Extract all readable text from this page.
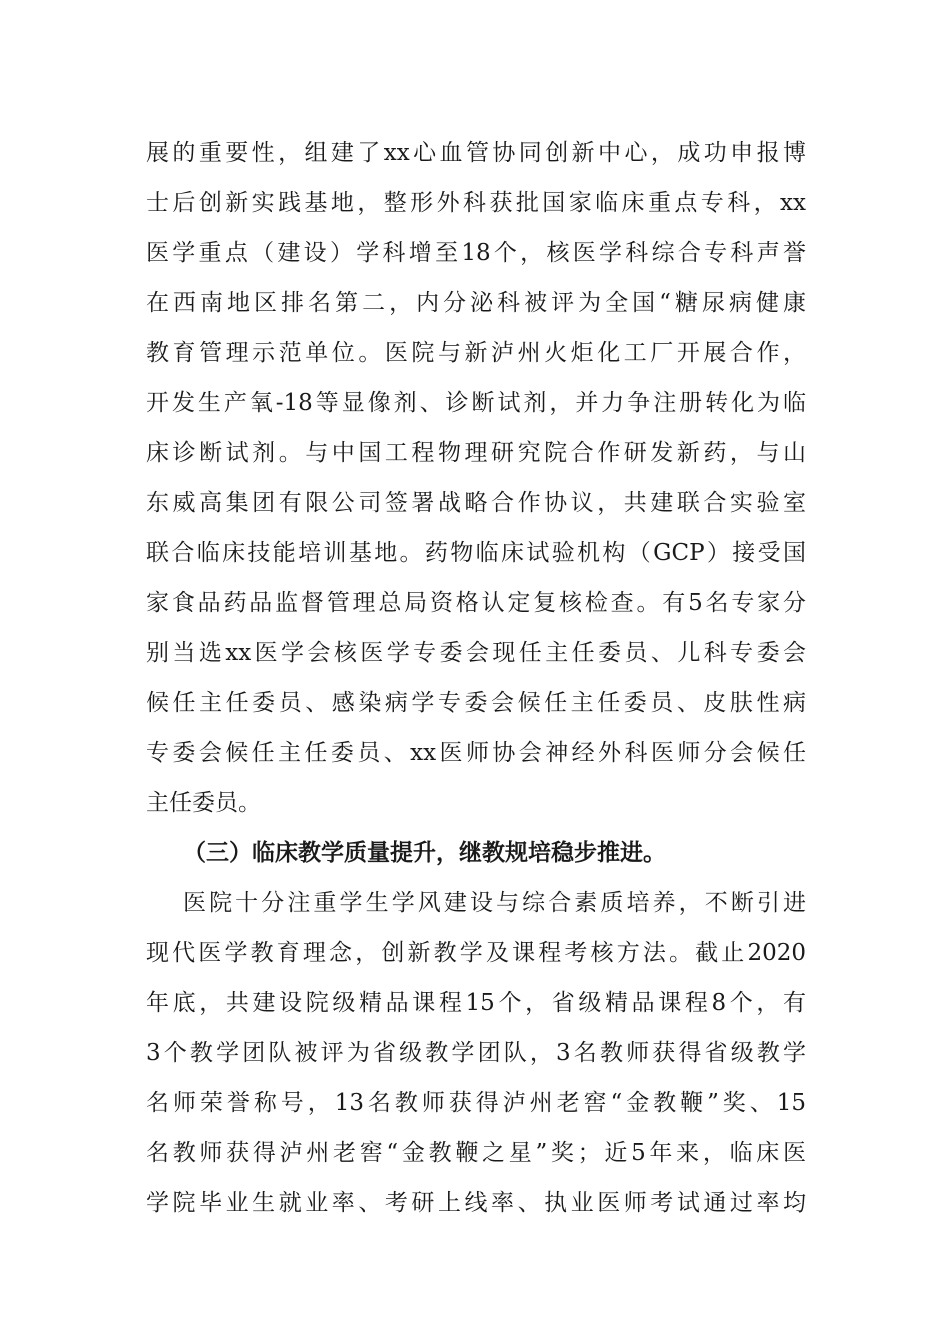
展的重要性，组建了xx心血管协同创新中心，成功申报博
士后创新实践基地，整形外科获批国家临床重点专科，xx
医学重点（建设）学科增至18个，核医学科综合专科声誉
在西南地区排名第二，内分泌科被评为全国“糖尿病健康
教育管理示范单位。医院与新泸州火炬化工厂开展合作，
开发生产氧-18等显像剂、诊断试剂，并力争注册转化为临
床诊断试剂。与中国工程物理研究院合作研发新药，与山
东威高集团有限公司签署战略合作协议，共建联合实验室
联合临床技能培训基地。药物临床试验机构（GCP）接受国
家食品药品监督管理总局资格认定复核检查。有5名专家分
别当选xx医学会核医学专委会现任主任委员、儿科专委会
候任主任委员、感染病学专委会候任主任委员、皮肤性病
专委会候任主任委员、xx医师协会神经外科医师分会候任
主任委员。
（三）临床教学质量提升，继教规培稳步推进。
医院十分注重学生学风建设与综合素质培养，不断引进
现代医学教育理念，创新教学及课程考核方法。截止2020
年底，共建设院级精品课程15个，省级精品课程8个，有
3个教学团队被评为省级教学团队，3名教师获得省级教学
名师荣誉称号，13名教师获得泸州老窖“金教鞭”奖、15
名教师获得泸州老窖“金教鞭之星”奖；近5年来，临床医
学院毕业生就业率、考研上线率、执业医师考试通过率均
